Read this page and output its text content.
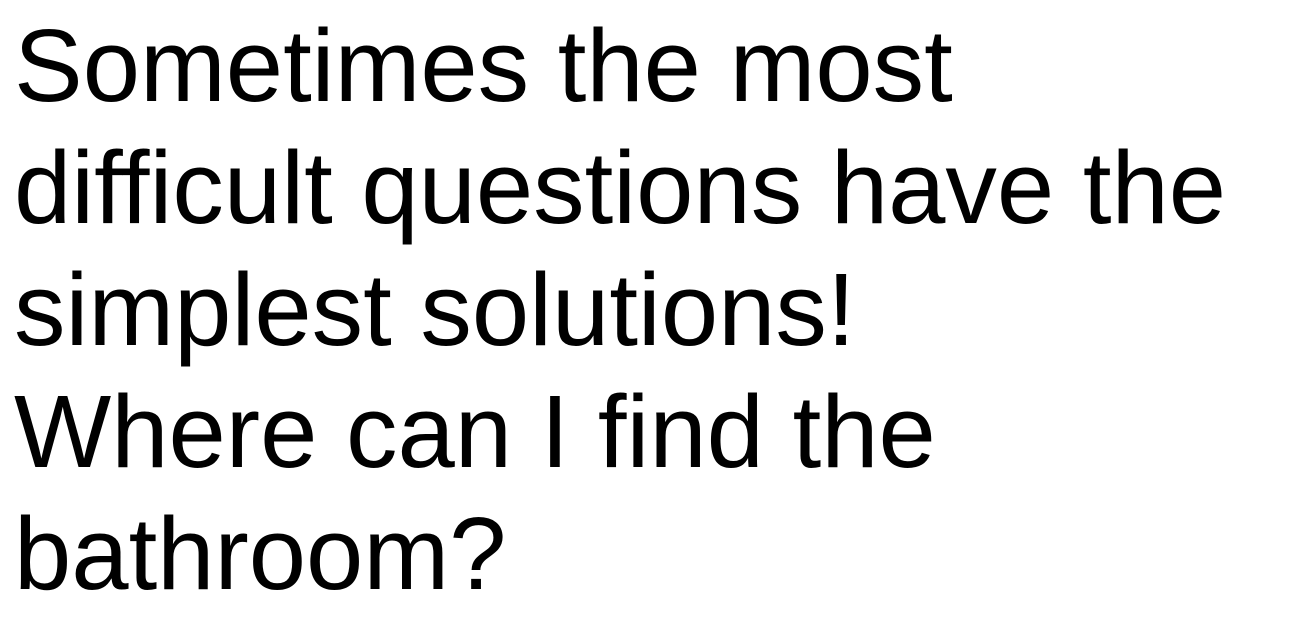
Sometimes the most
difficult questions have the
simplest solutions!
Where can I find the
bathroom?
